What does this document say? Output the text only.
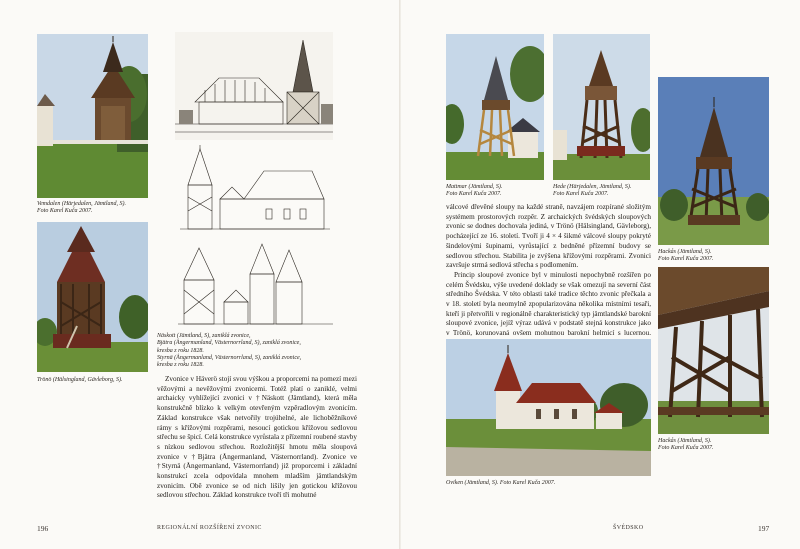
Vemdalen (Härjedalen, Jämtland, S).
Foto Karel Kuča 2007.
Trönö (Hälsingland, Gävleborg, S).
Näskott (Jämtland, S), zaniklá zvonice,
Bjätra (Ångermanland, Västernorrland, S), zaniklá zvonice,
kresba z roku 1828.
Styrnä (Ångermanland, Västernorrland, S), zaniklá zvonice,
kresba z roku 1828.

Zvonice v Häverö stojí svou výškou a proporcemi na pomezí mezi věžovými a nevěžovými zvonicemi. Totéž platí o zaniklé, velmi archaicky vyhlížející zvonici v †Näskott (Jämtland), která měla konstrukčně blízko k velkým otevřeným vzpěradlovým zvonicím. Základ konstrukce však netvořily trojúhelné, ale lichoběžníkové rámy s křížovými rozpěrami, nesoucí gotickou křížovou sedlovou střechu se špicí. Celá konstrukce vyrůstala z přízemní roubené stavby s nízkou sedlovou střechou. Rozložitější hmotu měla sloupová zvonice v †Bjätra (Ångermanland, Västernorrland). Zvonice ve †Styrnä (Ångermanland, Västernorrland) již proporcemi i základní konstrukcí zcela odpovídala mnohem mladším jämtlandským zvonicím. Obě zvonice se od nich lišily jen gotickou křížovou sedlovou střechou. Základ konstrukce tvoří tři mohutné

196	REGIONÁLNÍ ROZŠÍŘENÍ ZVONIC
Mattmar (Jämtland, S).
Foto Karel Kuča 2007.
Hede (Härjedalen, Jämtland, S).
Foto Karel Kuča 2007.
Hackås (Jämtland, S).
Foto Karel Kuča 2007.

válcové dřevěné sloupy na každé straně, navzájem rozpírané složitým systémem prostorových rozpěr. Z archaických švédských sloupových zvonic se dodnes dochovala jediná, v Trönö (Hälsingland, Gävleborg), pocházející ze 16. století. Tvoří ji 4 × 4 šikmé válcové sloupy pokryté šindelovými šupinami, vyrůstající z bedněné přízemní budovy se sedlovou střechou. Stabilita je zvýšena křížovými rozpěrami. Zvonici završuje strmá sedlová střecha s podlomením.

Princip sloupové zvonice byl v minulosti nepochybně rozšířen po celém Švédsku, výše uvedené doklady se však omezují na severní část středního Švédska. V této oblasti také tradice těchto zvonic přečkala a v 18. století byla neomylně zpopularizována několika místními tesaři, kteří ji přetvořili v regionálně charakteristický typ jämtlandské barokní sloupové zvonice, jejíž výraz udává v podstatě stejná konstrukce jako v Trönö, korunovaná ovšem mohutnou barokní helmicí s lucernou.

Oviken (Jämtland, S). Foto Karel Kuča 2007.
Hackås (Jämtland, S).
Foto Karel Kuča 2007.
ŠVÉDSKO	197
